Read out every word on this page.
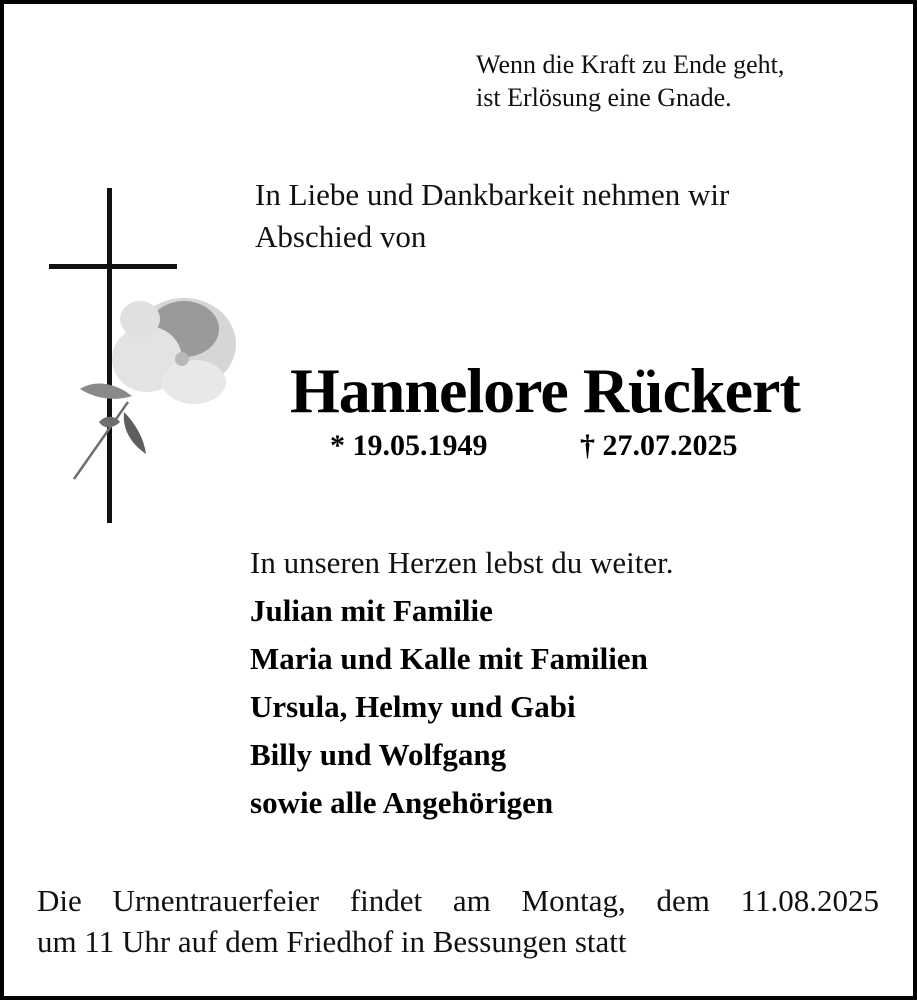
Wenn die Kraft zu Ende geht,
ist Erlösung eine Gnade.
In Liebe und Dankbarkeit nehmen wir
Abschied von
Hannelore Rückert
* 19.05.1949	† 27.07.2025
In unseren Herzen lebst du weiter.
Julian mit Familie
Maria und Kalle mit Familien
Ursula, Helmy und Gabi
Billy und Wolfgang
sowie alle Angehörigen
Die Urnentrauerfeier findet am Montag, dem 11.08.2025
um 11 Uhr auf dem Friedhof in Bessungen statt
